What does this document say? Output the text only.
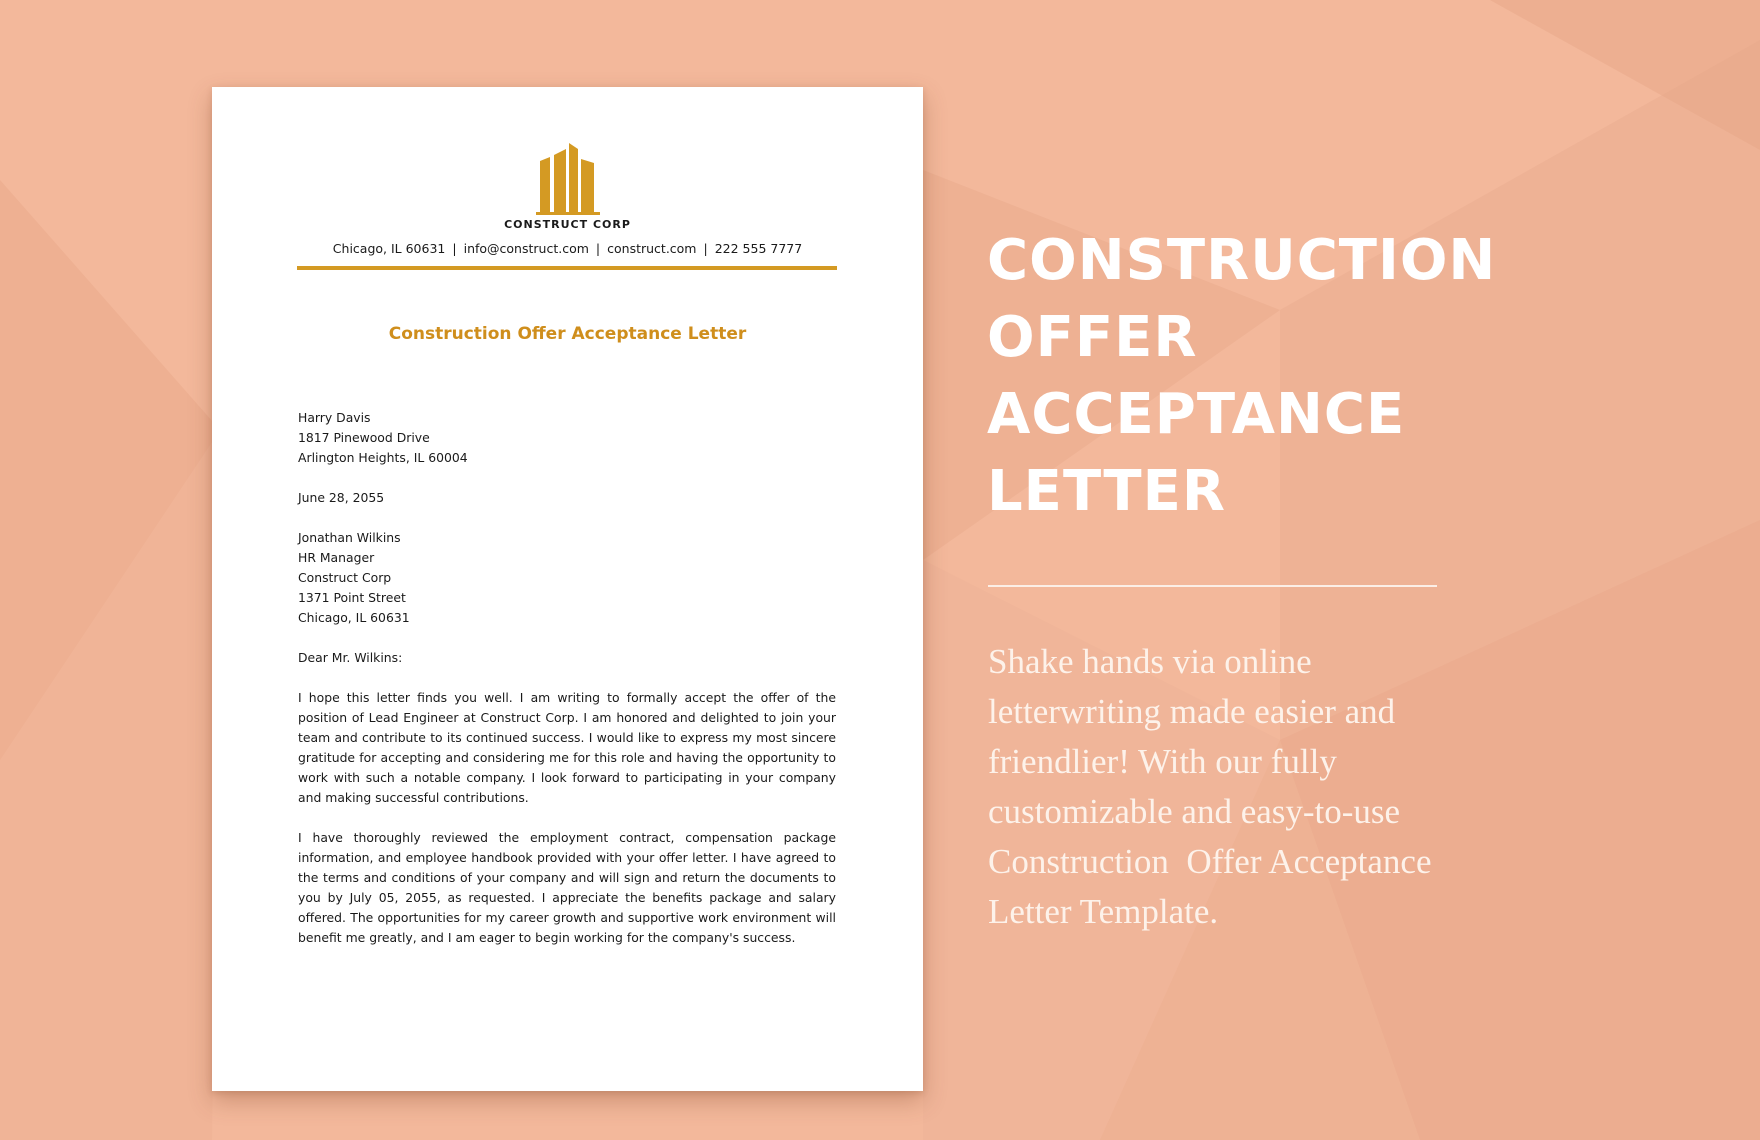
CONSTRUCT CORP
Chicago, IL 60631 | info@construct.com | construct.com | 222 555 7777
Construction Offer Acceptance Letter
Harry Davis
1817 Pinewood Drive
Arlington Heights, IL 60004
June 28, 2055
Jonathan Wilkins
HR Manager
Construct Corp
1371 Point Street
Chicago, IL 60631
Dear Mr. Wilkins:

I hope this letter finds you well. I am writing to formally accept the offer of the position of Lead Engineer at Construct Corp. I am honored and delighted to join your team and contribute to its continued success. I would like to express my most sincere gratitude for accepting and considering me for this role and having the opportunity to work with such a notable company. I look forward to participating in your company and making successful contributions.

I have thoroughly reviewed the employment contract, compensation package information, and employee handbook provided with your offer letter. I have agreed to the terms and conditions of your company and will sign and return the documents to you by July 05, 2055, as requested. I appreciate the benefits package and salary offered. The opportunities for my career growth and supportive work environment will benefit me greatly, and I am eager to begin working for the company's success.

CONSTRUCTION
OFFER
ACCEPTANCE
LETTER
Shake hands via online
letterwriting made easier and
friendlier! With our fully
customizable and easy-to-use
Construction  Offer Acceptance
Letter Template.
